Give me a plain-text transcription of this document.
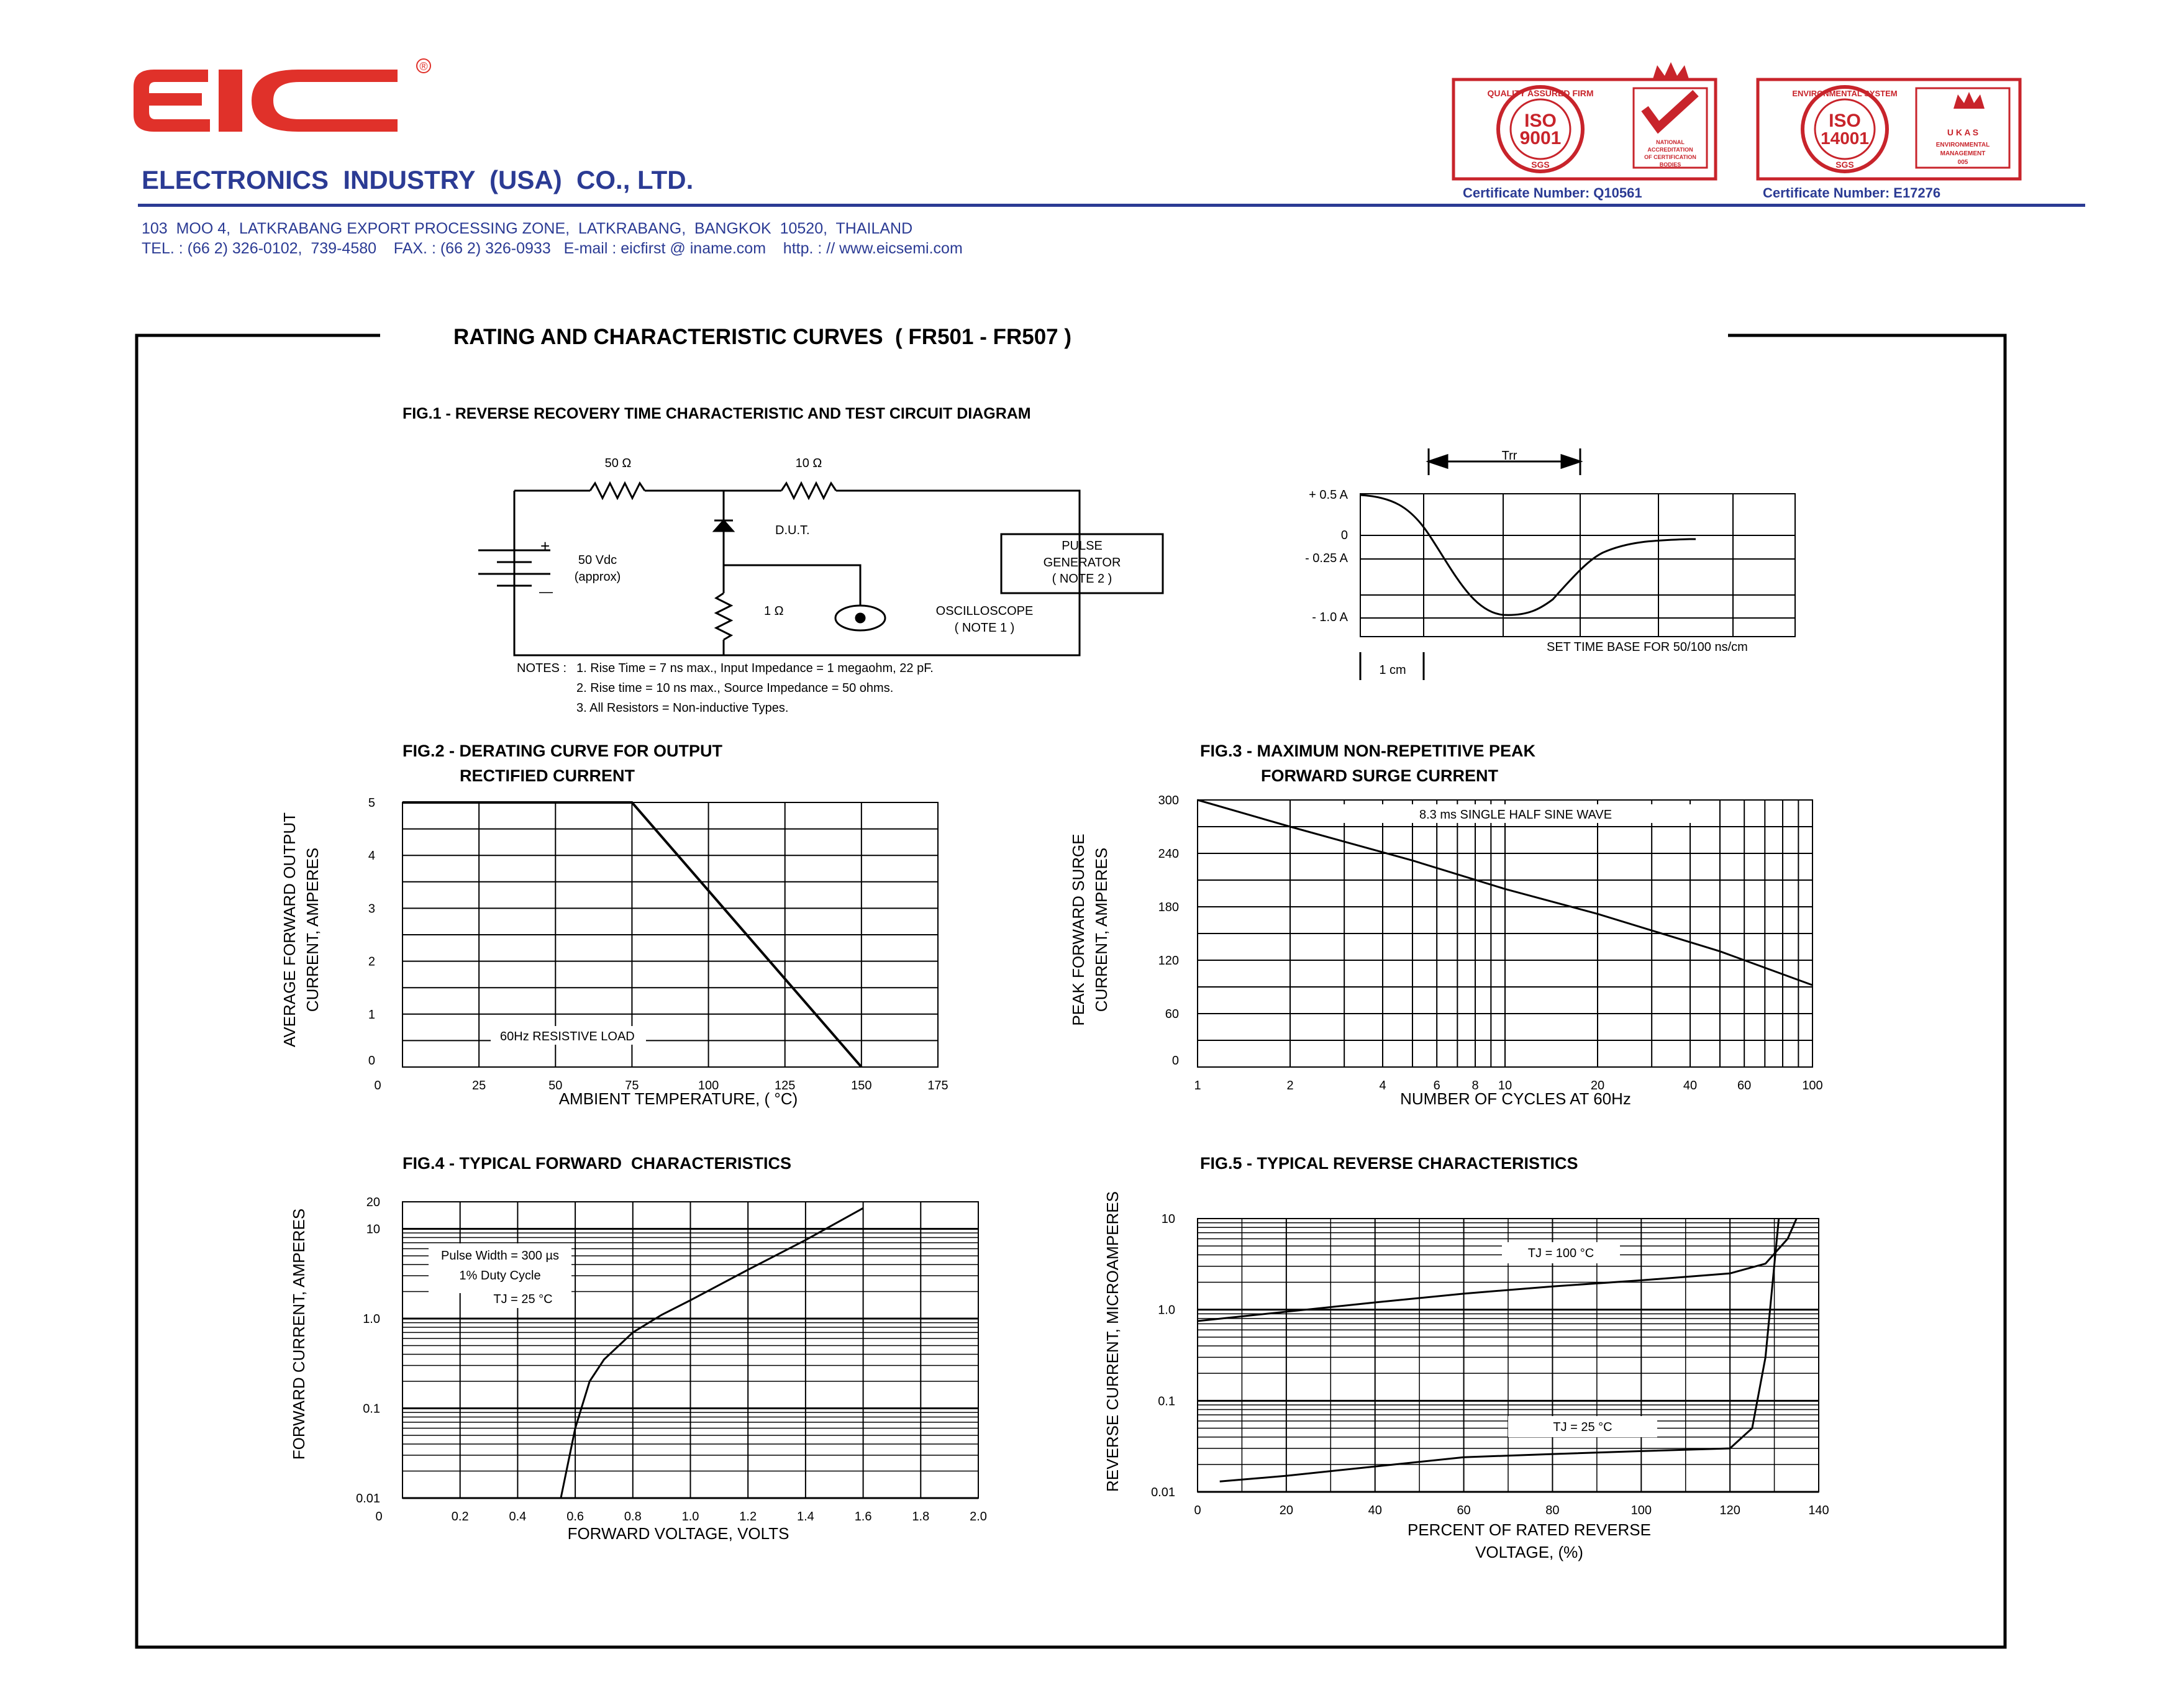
EIC
®
ELECTRONICS  INDUSTRY  (USA)  CO., LTD.
103  MOO 4,  LATKRABANG EXPORT PROCESSING ZONE,  LATKRABANG,  BANGKOK  10520,  THAILAND
TEL. : (66 2) 326-0102,  739-4580    FAX. : (66 2) 326-0933   E-mail : eicfirst @ iname.com    http. : // www.eicsemi.com
QUALITY ASSURED FIRM
ISO
9001
SGS
NATIONAL
ACCREDITATION
OF CERTIFICATION
BODIES
Certificate Number: Q10561
ENVIRONMENTAL SYSTEM
ISO
14001
SGS
U K A S
ENVIRONMENTAL
MANAGEMENT
005
Certificate Number: E17276
RATING AND CHARACTERISTIC CURVES  ( FR501 - FR507 )
FIG.1 - REVERSE RECOVERY TIME CHARACTERISTIC AND TEST CIRCUIT DIAGRAM
50 Ω	10 Ω
D.U.T.
+
—
50 Vdc
(approx)
1 Ω
PULSE
GENERATOR
( NOTE 2 )
OSCILLOSCOPE
( NOTE 1 )
NOTES : 1. Rise Time = 7 ns max., Input Impedance = 1 megaohm, 22 pF.
2. Rise time = 10 ns max., Source Impedance = 50 ohms.
3. All Resistors = Non-inductive Types.
Trr
+ 0.5 A
0
- 0.25 A
- 1.0 A
SET TIME BASE FOR 50/100 ns/cm
1 cm
FIG.2 - DERATING CURVE FOR OUTPUT
RECTIFIED CURRENT
60Hz RESISTIVE LOAD
0	25	50	75	100	125	150	175
0
1
2
3
4
5
AMBIENT TEMPERATURE, ( °C)
AVERAGE FORWARD OUTPUT CURRENT, AMPERES
FIG.3 - MAXIMUM NON-REPETITIVE PEAK
FORWARD SURGE CURRENT
8.3 ms SINGLE HALF SINE WAVE
1	2	4	6	8 10	20	40	60	100
0
60
120
180
240
300
NUMBER OF CYCLES AT 60Hz
PEAK FORWARD SURGE CURRENT, AMPERES
FIG.4 - TYPICAL FORWARD  CHARACTERISTICS
Pulse Width = 300 µs
1% Duty Cycle
TJ = 25 °C
0	0.2	0.4	0.6	0.8	1.0	1.2	1.4	1.6	1.8	2.0
0.01
0.1
1.0
10
20
FORWARD VOLTAGE, VOLTS
FORWARD CURRENT, AMPERES
FIG.5 - TYPICAL REVERSE CHARACTERISTICS
TJ = 100 °C
TJ = 25 °C
0	20	40	60	80	100	120	140
0.01
0.1
1.0
10
PERCENT OF RATED REVERSE
VOLTAGE, (%)
REVERSE CURRENT, MICROAMPERES
